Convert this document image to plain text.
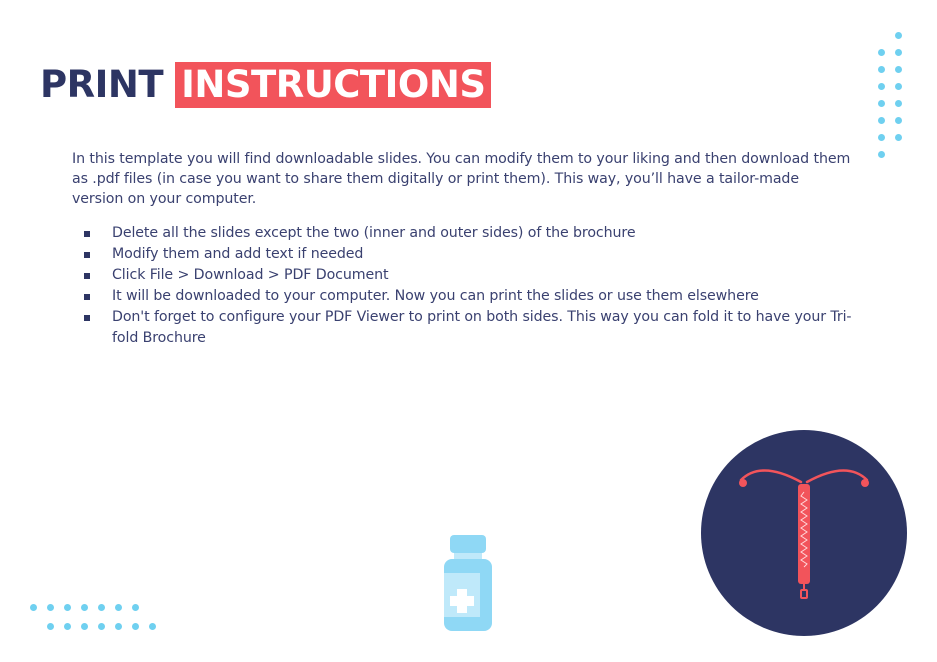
PRINT INSTRUCTIONS

In this template you will find downloadable slides. You can modify them to your liking and then download them as .pdf files (in case you want to share them digitally or print them). This way, you’ll have a tailor-made version on your computer.

Delete all the slides except the two (inner and outer sides) of the brochure
Modify them and add text if needed
Click File > Download > PDF Document
It will be downloaded to your computer. Now you can print the slides or use them elsewhere
Don't forget to configure your PDF Viewer to print on both sides. This way you can fold it to have your Tri-fold Brochure
